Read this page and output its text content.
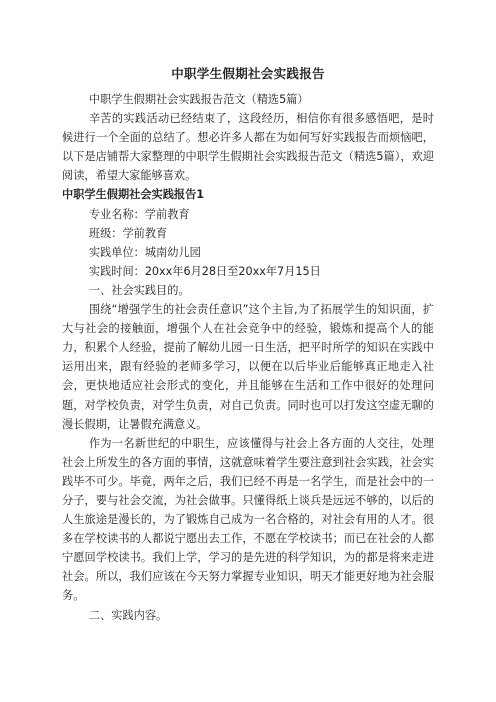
中职学生假期社会实践报告

中职学生假期社会实践报告范文（精选5篇）

辛苦的实践活动已经结束了，这段经历，相信你有很多感悟吧，是时候进行一个全面的总结了。想必许多人都在为如何写好实践报告而烦恼吧，以下是店铺帮大家整理的中职学生假期社会实践报告范文（精选5篇），欢迎阅读，希望大家能够喜欢。

中职学生假期社会实践报告1

专业名称：学前教育

班级：学前教育

实践单位：城南幼儿园

实践时间：20xx年6月28日至20xx年7月15日

一、社会实践目的。

围绕“增强学生的社会责任意识”这个主旨,为了拓展学生的知识面，扩大与社会的接触面，增强个人在社会竞争中的经验，锻炼和提高个人的能力，积累个人经验，提前了解幼儿园一日生活，把平时所学的知识在实践中运用出来，跟有经验的老师多学习，以便在以后毕业后能够真正地走入社会，更快地适应社会形式的变化，并且能够在生活和工作中很好的处理问题，对学校负责，对学生负责，对自己负责。同时也可以打发这空虚无聊的漫长假期，让暑假充满意义。

作为一名新世纪的中职生，应该懂得与社会上各方面的人交往，处理社会上所发生的各方面的事情，这就意味着学生要注意到社会实践，社会实践毕不可少。毕竟，两年之后，我们已经不再是一名学生，而是社会中的一分子，要与社会交流，为社会做事。只懂得纸上谈兵是远远不够的，以后的人生旅途是漫长的，为了锻炼自己成为一名合格的，对社会有用的人才。很多在学校读书的人都说宁愿出去工作，不愿在学校读书；而已在社会的人都宁愿回学校读书。我们上学，学习的是先进的科学知识，为的都是将来走进社会。所以，我们应该在今天努力掌握专业知识，明天才能更好地为社会服务。

二、实践内容。
